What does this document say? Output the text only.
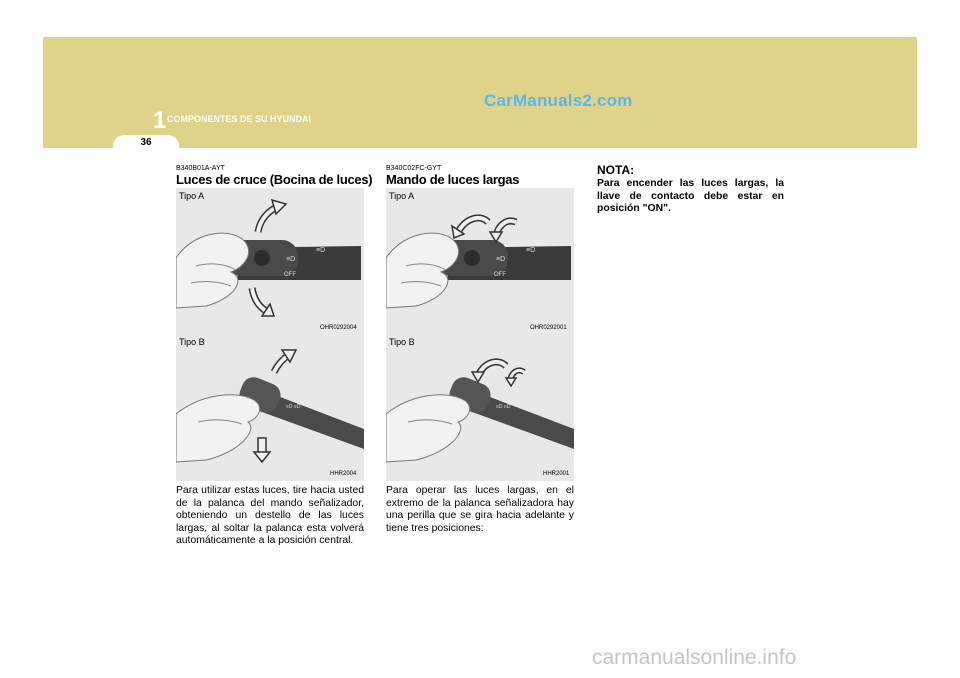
CarManuals2.com
1 COMPONENTES DE SU HYUNDAI
36
B340B01A-AYT
Luces de cruce (Bocina de luces)
≡D
≡D
OFF
Tipo A
OHR0292004
≡D ≡D
Tipo B
HHR2004
Para utilizar estas luces, tire hacia usted de la palanca del mando señalizador, obteniendo un destello de las luces largas, al soltar la palanca esta volverá automáticamente a la posición central.
B340C02FC-GYT
Mando de luces largas
≡D
≡D
OFF
Tipo A
OHR0292001
≡D ≡D
Tipo B
HHR2001
Para operar las luces largas, en el extremo de la palanca señalizadora hay una perilla que se gira hacia adelante y tiene tres posiciones:
NOTA:
Para encender las luces largas, la llave de contacto debe estar en posición "ON".
carmanualsonline.info
